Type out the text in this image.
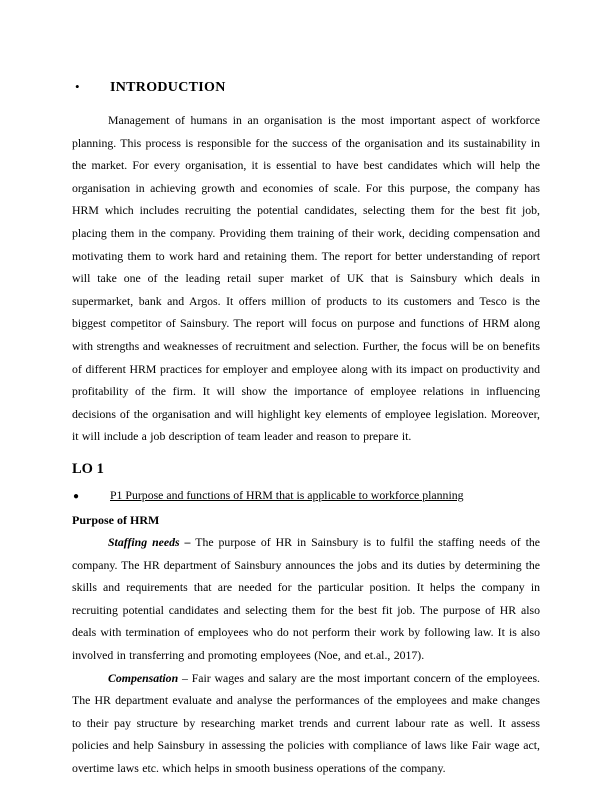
•	INTRODUCTION

Management of humans in an organisation is the most important aspect of workforce planning. This process is responsible for the success of the organisation and its sustainability in the market. For every organisation, it is essential to have best candidates which will help the organisation in achieving growth and economies of scale. For this purpose, the company has HRM which includes recruiting the potential candidates, selecting them for the best fit job, placing them in the company. Providing them training of their work, deciding compensation and motivating them to work hard and retaining them. The report for better understanding of report will take one of the leading retail super market of UK that is Sainsbury which deals in supermarket, bank and Argos. It offers million of products to its customers and Tesco is the biggest competitor of Sainsbury. The report will focus on purpose and functions of HRM along with strengths and weaknesses of recruitment and selection. Further, the focus will be on benefits of different HRM practices for employer and employee along with its impact on productivity and profitability of the firm. It will show the importance of employee relations in influencing decisions of the organisation and will highlight key elements of employee legislation. Moreover, it will include a job description of team leader and reason to prepare it.

LO 1
●	P1 Purpose and functions of HRM that is applicable to workforce planning
Purpose of HRM

Staffing needs – The purpose of HR in Sainsbury is to fulfil the staffing needs of the company. The HR department of Sainsbury announces the jobs and its duties by determining the skills and requirements that are needed for the particular position. It helps the company in recruiting potential candidates and selecting them for the best fit job. The purpose of HR also deals with termination of employees who do not perform their work by following law. It is also involved in transferring and promoting employees (Noe, and et.al., 2017).

Compensation – Fair wages and salary are the most important concern of the employees. The HR department evaluate and analyse the performances of the employees and make changes to their pay structure by researching market trends and current labour rate as well. It assess policies and help Sainsbury in assessing the policies with compliance of laws like Fair wage act, overtime laws etc. which helps in smooth business operations of the company.
